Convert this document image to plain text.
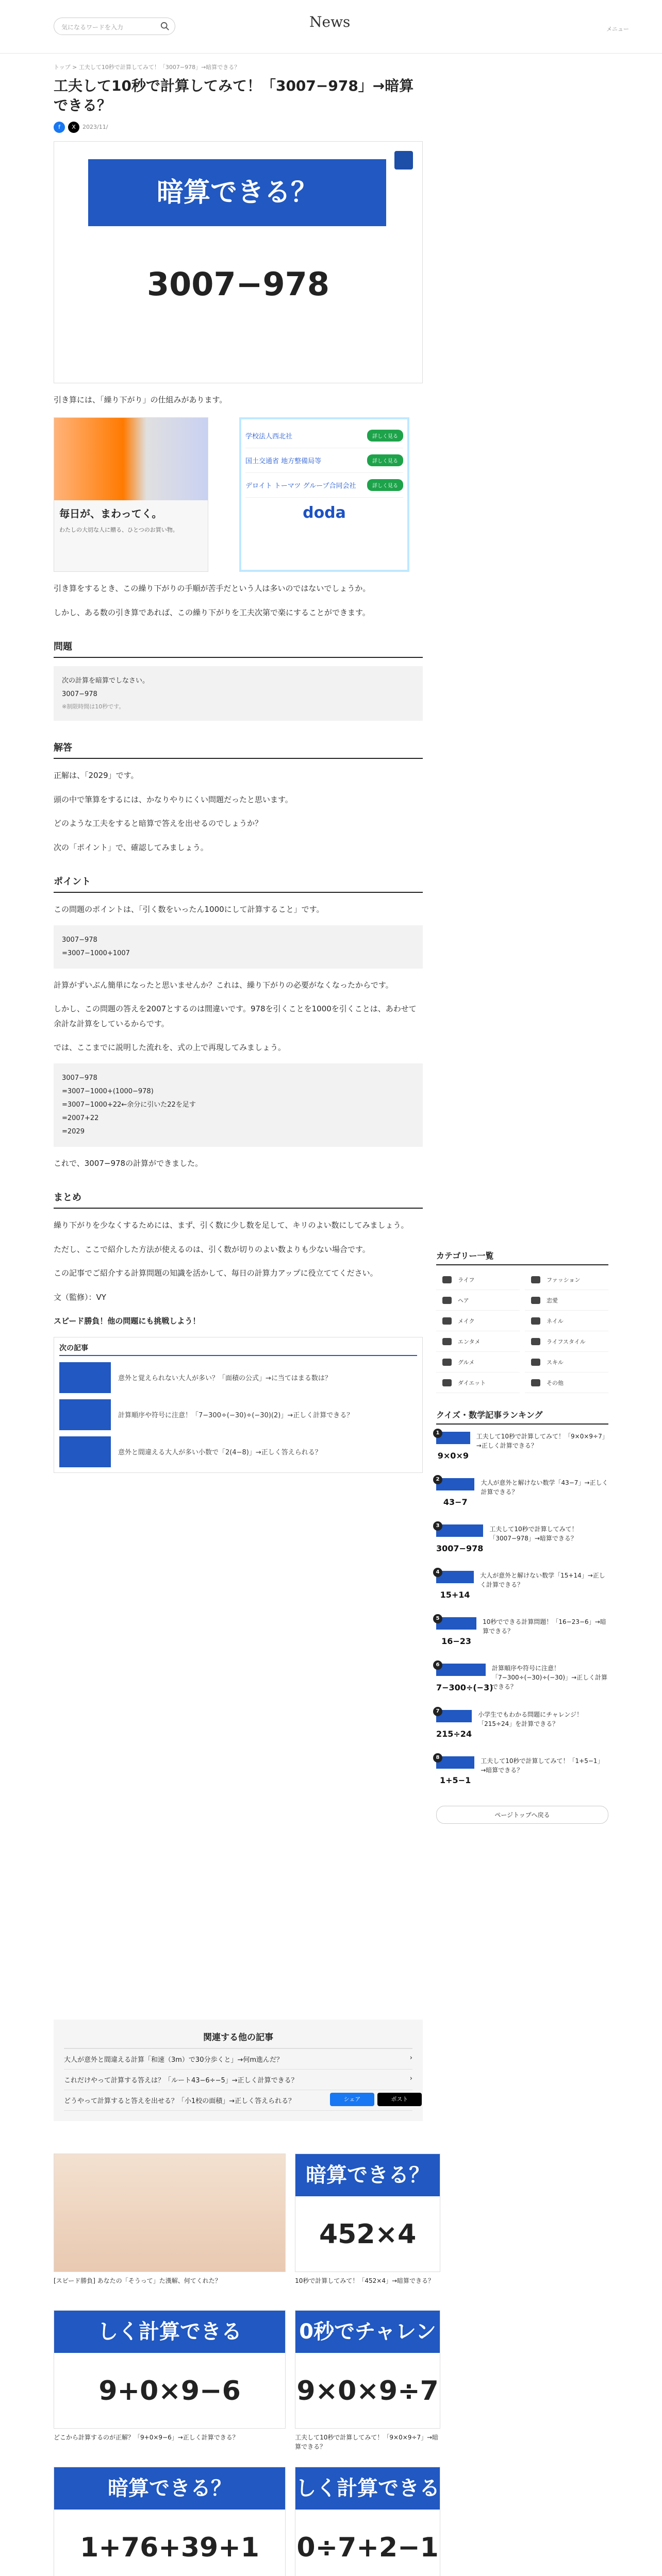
気になるワードを入力	News	メニュー
トップ > 工夫して10秒で計算してみて！「3007−978」→暗算できる？
工夫して10秒で計算してみて！「3007−978」→暗算できる？
f	X	2023/11/
暗算できる？
3007−978

引き算には、「繰り下がり」の仕組みがあります。

毎日が、まわってく。
わたしの大切な人に贈る、ひとつのお買い物。
学校法人西北社	詳しく見る
国土交通省 地方整備局等	詳しく見る
デロイト トーマツ グループ合同会社	詳しく見る
doda

引き算をするとき、この繰り下がりの手順が苦手だという人は多いのではないでしょうか。

しかし、ある数の引き算であれば、この繰り下がりを工夫次第で楽にすることができます。

問題
次の計算を暗算でしなさい。
3007−978
※制限時間は10秒です。
解答

正解は、「2029」です。

頭の中で筆算をするには、かなりやりにくい問題だったと思います。

どのような工夫をすると暗算で答えを出せるのでしょうか？

次の「ポイント」で、確認してみましょう。

ポイント

この問題のポイントは、「引く数をいったん1000にして計算すること」です。

3007−978
=3007−1000+1007

計算がずいぶん簡単になったと思いませんか？これは、繰り下がりの必要がなくなったからです。

しかし、この問題の答えを2007とするのは間違いです。978を引くことを1000を引くことは、あわせて余計な計算をしているからです。

では、ここまでに説明した流れを、式の上で再現してみましょう。

3007−978
=3007−1000+(1000−978)
=3007−1000+22←余分に引いた22を足す
=2007+22
=2029

これで、3007−978の計算ができました。

まとめ

繰り下がりを少なくするためには、まず、引く数に少し数を足して、キリのよい数にしてみましょう。

ただし、ここで紹介した方法が使えるのは、引く数が切りのよい数よりも少ない場合です。

この記事でご紹介する計算問題の知識を活かして、毎日の計算力アップに役立ててください。

文（監修）：VY

スピード勝負！他の問題にも挑戦しよう！

次の記事
意外と覚えられない大人が多い？「面積の公式」→に当てはまる数は？
計算順序や符号に注意！「7−300÷(−30)÷(−30)(2)」→正しく計算できる？
意外と間違える大人が多い小数で「2(4−8)」→正しく答えられる？
カテゴリー一覧
ライフ	ファッション
ヘア	恋愛
メイク	ネイル
エンタメ	ライフスタイル
グルメ	スキル
ダイエット	その他
クイズ・数学記事ランキング
1
9×0×9
工夫して10秒で計算してみて！「9×0×9÷7」→正しく計算できる？
2
43−7
大人が意外と解けない数学「43−7」→正しく計算できる？
3
3007−978
工夫して10秒で計算してみて！「3007−978」→暗算できる？
4
15+14
大人が意外と解けない数学「15+14」→正しく計算できる？
5
16−23
10秒でできる計算問題！「16−23−6」→暗算できる？
6
7−300÷(−3)
計算順序や符号に注意！「7−300÷(−30)÷(−30)」→正しく計算できる？
7
215÷24
小学生でもわかる問題にチャレンジ！「215÷24」を計算できる？
8
1+5−1
工夫して10秒で計算してみて！「1+5−1」→暗算できる？
ページトップへ戻る
関連する他の記事
大人が意外と間違える計算「和速（3m）で30分歩くと」→何m進んだ？	›
これだけやって計算する答えは？「ルート43−6÷−5」→正しく計算できる？	›
どうやって計算すると答えを出せる？「小1校の面積」→正しく答えられる？	シェア	ポスト
[スピード勝負] あなたの「そうって」た漢解、何てくれた？
暗算できる？
452×4
10秒で計算してみて！「452×4」→暗算できる？
しく計算できる
9+0×9−6
どこから計算するのが正解？「9+0×9−6」→正しく計算できる？
0秒でチャレン
9×0×9÷7
工夫して10秒で計算してみて！「9×0×9÷7」→暗算できる？
暗算できる？
1+76+39+1
しく計算できる
0÷7+2−1
